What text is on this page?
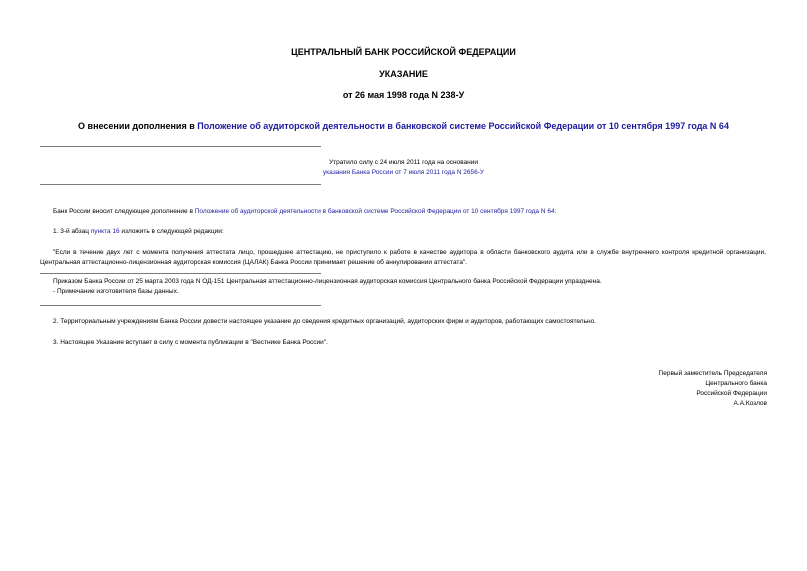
ЦЕНТРАЛЬНЫЙ БАНК РОССИЙСКОЙ ФЕДЕРАЦИИ
УКАЗАНИЕ
от 26 мая 1998 года N 238-У
О внесении дополнения в Положение об аудиторской деятельности в банковской системе Российской Федерации от 10 сентября 1997 года N 64
Утратило силу с 24 июля 2011 года на основании
указания Банка России от 7 июля 2011 года N 2656-У
Банк России вносит следующее дополнение в Положение об аудиторской деятельности в банковской системе Российской Федерации от 10 сентября 1997 года N 64:
1. 3-й абзац пункта 16 изложить в следующей редакции:
"Если в течение двух лет с момента получения аттестата лицо, прошедшее аттестацию, не приступило к работе в качестве аудитора в области банковского аудита или в службе внутреннего контроля кредитной организации, Центральная аттестационно-лицензионная аудиторская комиссия (ЦАЛАК) Банка России принимает решение об аннулировании аттестата".
Приказом Банка России от 25 марта 2003 года N ОД-151 Центральная аттестационно-лицензионная аудиторская комиссия Центрального банка Российской Федерации упразднена.
- Примечание изготовителя базы данных.
2. Территориальным учреждениям Банка России довести настоящее указание до сведения кредитных организаций, аудиторских фирм и аудиторов, работающих самостоятельно.
3. Настоящее Указание вступает в силу с момента публикации в "Вестнике Банка России".
Первый заместитель Председателя
Центрального банка
Российской Федерации
А.А.Козлов
